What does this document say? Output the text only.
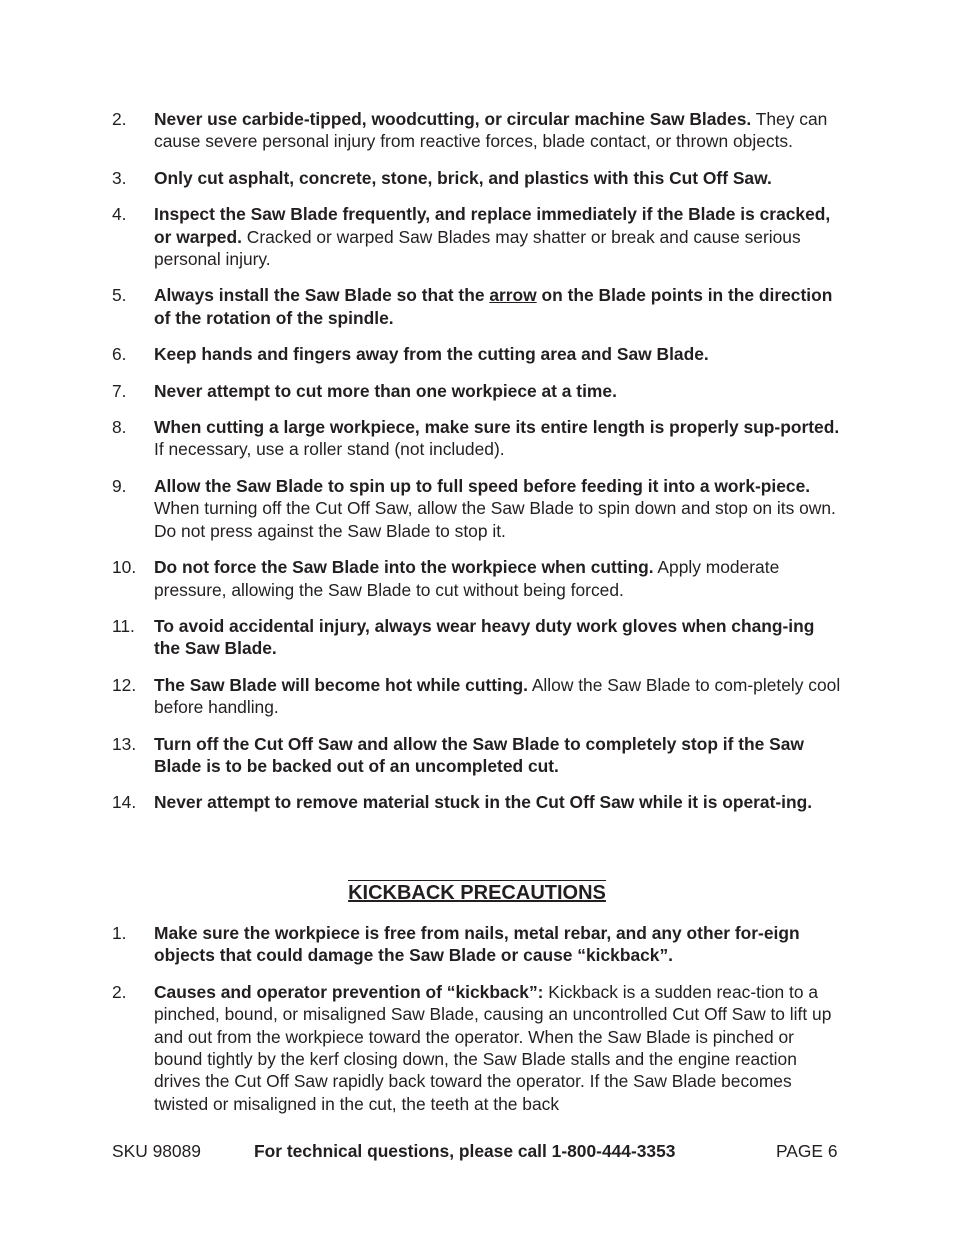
2. Never use carbide-tipped, woodcutting, or circular machine Saw Blades. They can cause severe personal injury from reactive forces, blade contact, or thrown objects.
3. Only cut asphalt, concrete, stone, brick, and plastics with this Cut Off Saw.
4. Inspect the Saw Blade frequently, and replace immediately if the Blade is cracked, or warped. Cracked or warped Saw Blades may shatter or break and cause serious personal injury.
5. Always install the Saw Blade so that the arrow on the Blade points in the direction of the rotation of the spindle.
6. Keep hands and fingers away from the cutting area and Saw Blade.
7. Never attempt to cut more than one workpiece at a time.
8. When cutting a large workpiece, make sure its entire length is properly sup-ported. If necessary, use a roller stand (not included).
9. Allow the Saw Blade to spin up to full speed before feeding it into a work-piece. When turning off the Cut Off Saw, allow the Saw Blade to spin down and stop on its own. Do not press against the Saw Blade to stop it.
10. Do not force the Saw Blade into the workpiece when cutting. Apply moderate pressure, allowing the Saw Blade to cut without being forced.
11. To avoid accidental injury, always wear heavy duty work gloves when chang-ing the Saw Blade.
12. The Saw Blade will become hot while cutting. Allow the Saw Blade to com-pletely cool before handling.
13. Turn off the Cut Off Saw and allow the Saw Blade to completely stop if the Saw Blade is to be backed out of an uncompleted cut.
14. Never attempt to remove material stuck in the Cut Off Saw while it is operat-ing.
KICKBACK PRECAUTIONS
1. Make sure the workpiece is free from nails, metal rebar, and any other for-eign objects that could damage the Saw Blade or cause “kickback”.
2. Causes and operator prevention of “kickback”: Kickback is a sudden reac-tion to a pinched, bound, or misaligned Saw Blade, causing an uncontrolled Cut Off Saw to lift up and out from the workpiece toward the operator. When the Saw Blade is pinched or bound tightly by the kerf closing down, the Saw Blade stalls and the engine reaction drives the Cut Off Saw rapidly back toward the operator. If the Saw Blade becomes twisted or misaligned in the cut, the teeth at the back
SKU 98089	For technical questions, please call 1-800-444-3353	PAGE 6
